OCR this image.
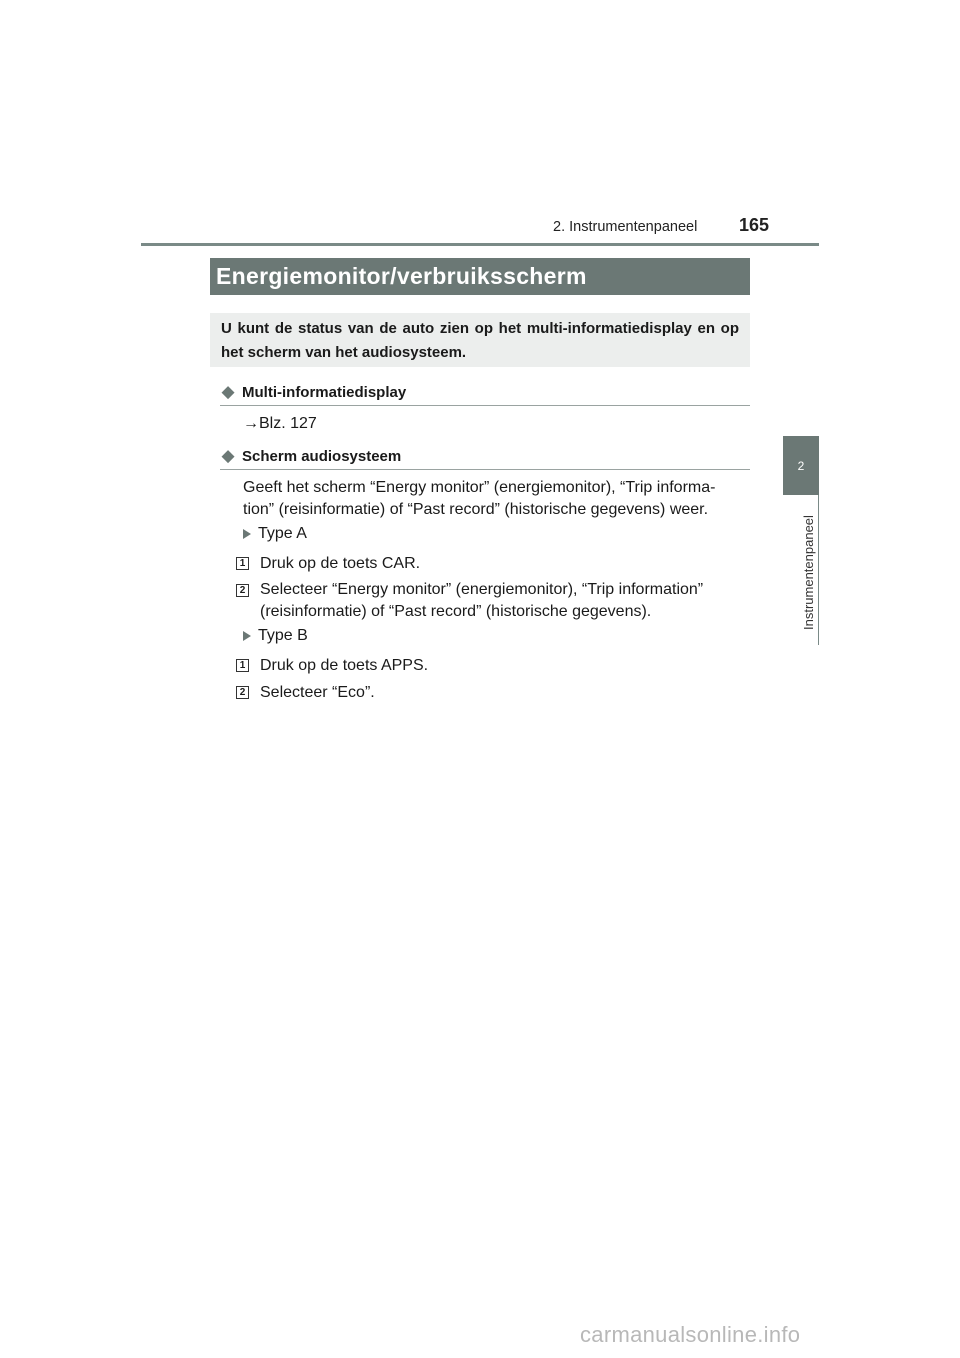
2. Instrumentenpaneel 165
2
Instrumentenpaneel
Energiemonitor/verbruiksscherm
U kunt de status van de auto zien op het multi-informatiedisplay en op het scherm van het audiosysteem.
◆ Multi-informatiedisplay
→Blz. 127
◆ Scherm audiosysteem
Geeft het scherm “Energy monitor” (energiemonitor), “Trip informa-
tion” (reisinformatie) of “Past record” (historische gegevens) weer.
Type A
1 Druk op de toets CAR.
2 Selecteer “Energy monitor” (energiemonitor), “Trip information”
(reisinformatie) of “Past record” (historische gegevens).
Type B
1 Druk op de toets APPS.
2 Selecteer “Eco”.
carmanualsonline.info
